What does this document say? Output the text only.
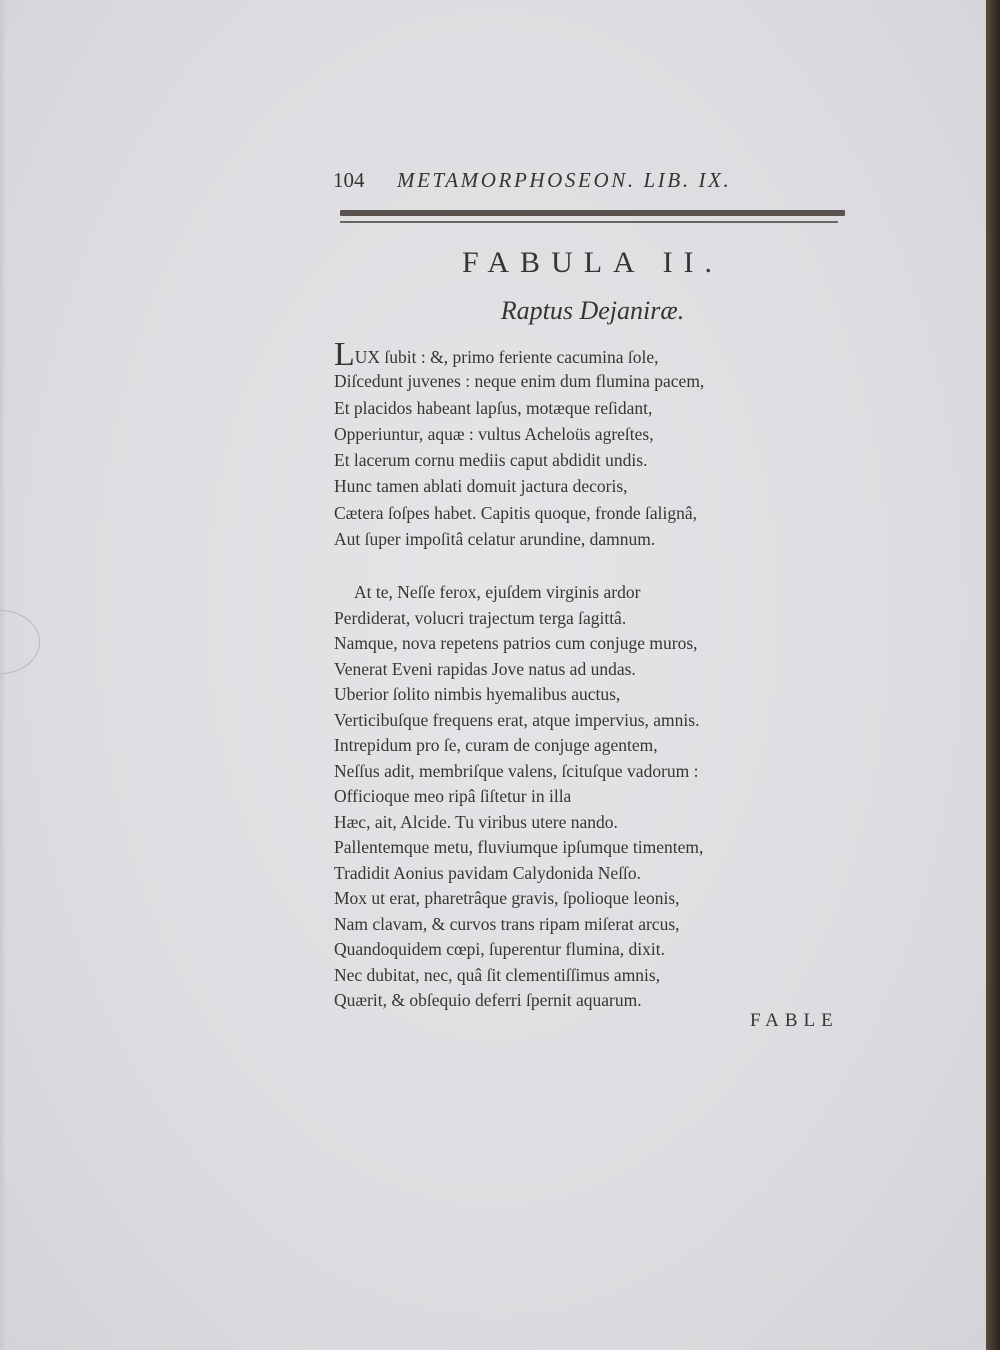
104 METAMORPHOSEON. LIB. IX.
FABULA II.
Raptus Dejaniræ.
LUX ſubit : &, primo feriente cacumina ſole,
Diſcedunt juvenes : neque enim dum flumina pacem,
Et placidos habeant lapſus, motæque reſidant,
Opperiuntur, aquæ : vultus Acheloüs agreſtes,
Et lacerum cornu mediis caput abdidit undis.
Hunc tamen ablati domuit jactura decoris,
Cætera ſoſpes habet. Capitis quoque, fronde ſalignâ,
Aut ſuper impoſitâ celatur arundine, damnum.
At te, Neſſe ferox, ejuſdem virginis ardor
Perdiderat, volucri trajectum terga ſagittâ.
Namque, nova repetens patrios cum conjuge muros,
Venerat Eveni rapidas Jove natus ad undas.
Uberior ſolito nimbis hyemalibus auctus,
Verticibuſque frequens erat, atque impervius, amnis.
Intrepidum pro ſe, curam de conjuge agentem,
Neſſus adit, membriſque valens, ſcituſque vadorum :
Officioque meo ripâ ſiſtetur in illa
Hæc, ait, Alcide. Tu viribus utere nando.
Pallentemque metu, fluviumque ipſumque timentem,
Tradidit Aonius pavidam Calydonida Neſſo.
Mox ut erat, pharetrâque gravis, ſpolioque leonis,
Nam clavam, & curvos trans ripam miſerat arcus,
Quandoquidem cœpi, ſuperentur flumina, dixit.
Nec dubitat, nec, quâ ſit clementiſſimus amnis,
Quærit, & obſequio deferri ſpernit aquarum.
FABLE
